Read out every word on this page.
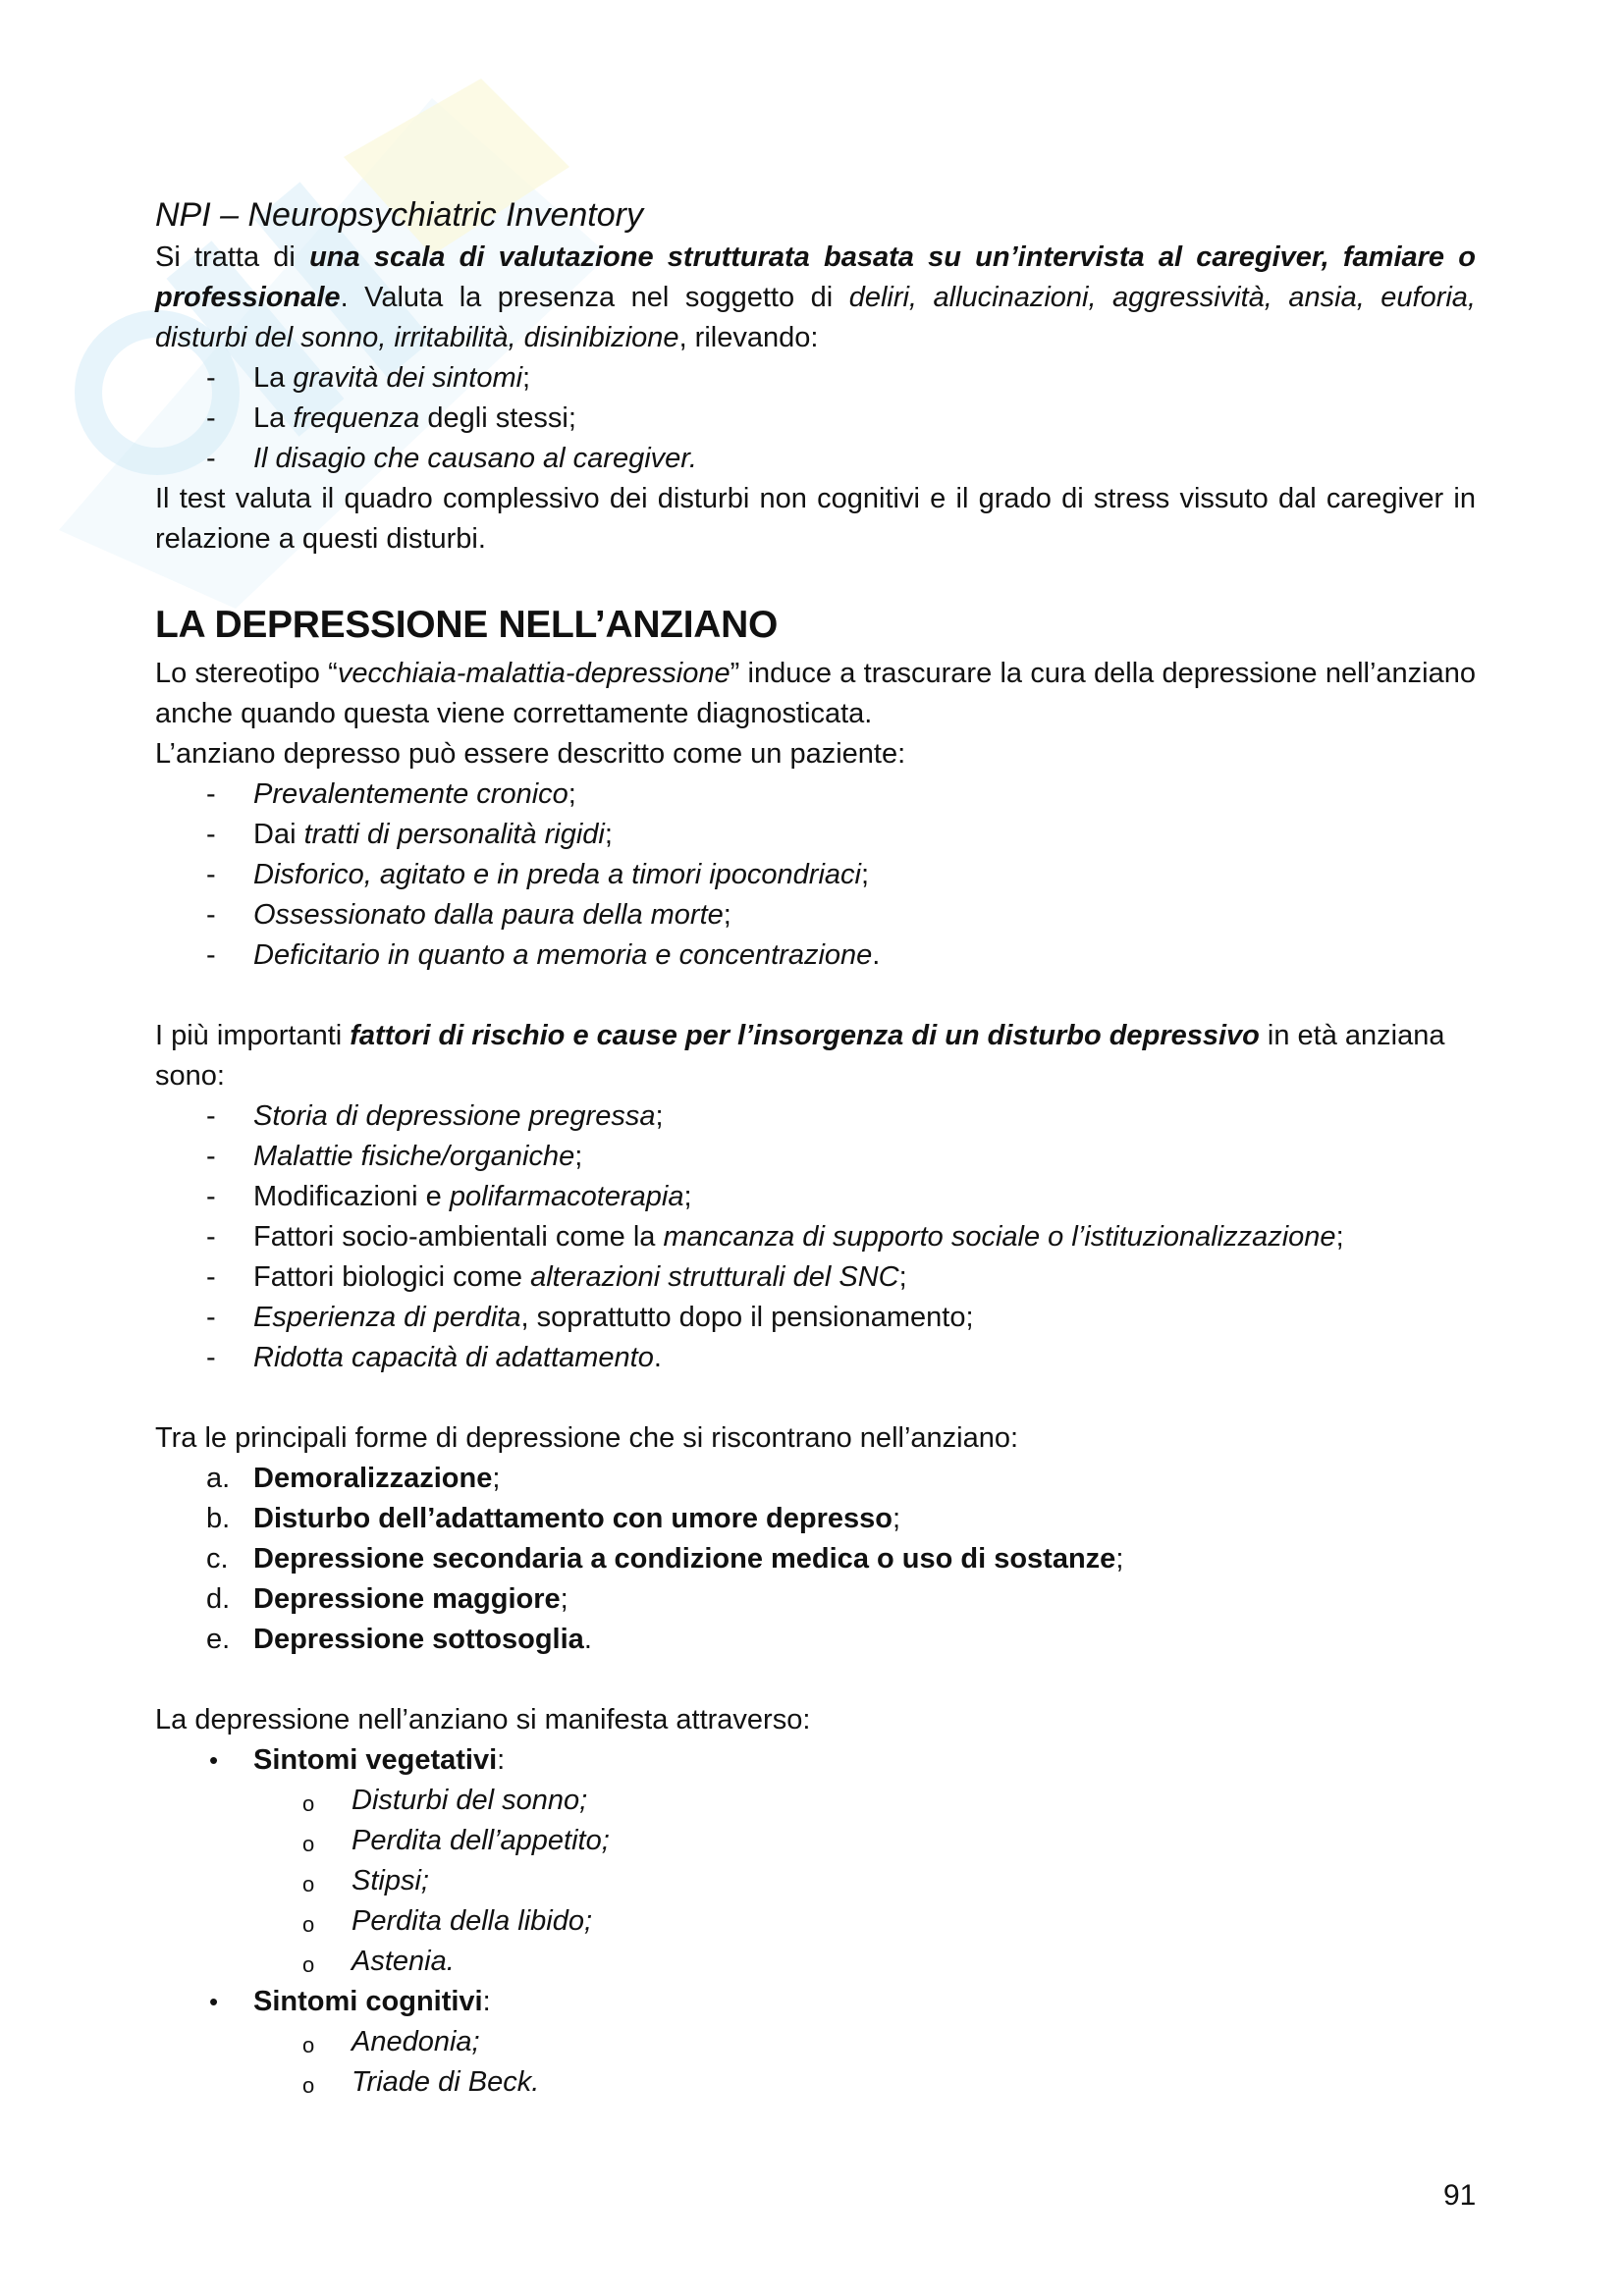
NPI – Neuropsychiatric Inventory

Si tratta di una scala di valutazione strutturata basata su un’intervista al caregiver, famiare o professionale. Valuta la presenza nel soggetto di deliri, allucinazioni, aggressività, ansia, euforia, disturbi del sonno, irritabilità, disinibizione, rilevando:

- La gravità dei sintomi;
- La frequenza degli stessi;
- Il disagio che causano al caregiver.

Il test valuta il quadro complessivo dei disturbi non cognitivi e il grado di stress vissuto dal caregiver in relazione a questi disturbi.

LA DEPRESSIONE NELL’ANZIANO

Lo stereotipo “vecchiaia-malattia-depressione” induce a trascurare la cura della depressione nell’anziano anche quando questa viene correttamente diagnosticata.

L’anziano depresso può essere descritto come un paziente:

- Prevalentemente cronico;
- Dai tratti di personalità rigidi;
- Disforico, agitato e in preda a timori ipocondriaci;
- Ossessionato dalla paura della morte;
- Deficitario in quanto a memoria e concentrazione.

I più importanti fattori di rischio e cause per l’insorgenza di un disturbo depressivo in età anziana sono:

- Storia di depressione pregressa;
- Malattie fisiche/organiche;
- Modificazioni e polifarmacoterapia;
- Fattori socio-ambientali come la mancanza di supporto sociale o l’istituzionalizzazione;
- Fattori biologici come alterazioni strutturali del SNC;
- Esperienza di perdita, soprattutto dopo il pensionamento;
- Ridotta capacità di adattamento.

Tra le principali forme di depressione che si riscontrano nell’anziano:

a. Demoralizzazione;
b. Disturbo dell’adattamento con umore depresso;
c. Depressione secondaria a condizione medica o uso di sostanze;
d. Depressione maggiore;
e. Depressione sottosoglia.

La depressione nell’anziano si manifesta attraverso:

• Sintomi vegetativi:
o Disturbi del sonno;
o Perdita dell’appetito;
o Stipsi;
o Perdita della libido;
o Astenia.
• Sintomi cognitivi:
o Anedonia;
o Triade di Beck.
91
